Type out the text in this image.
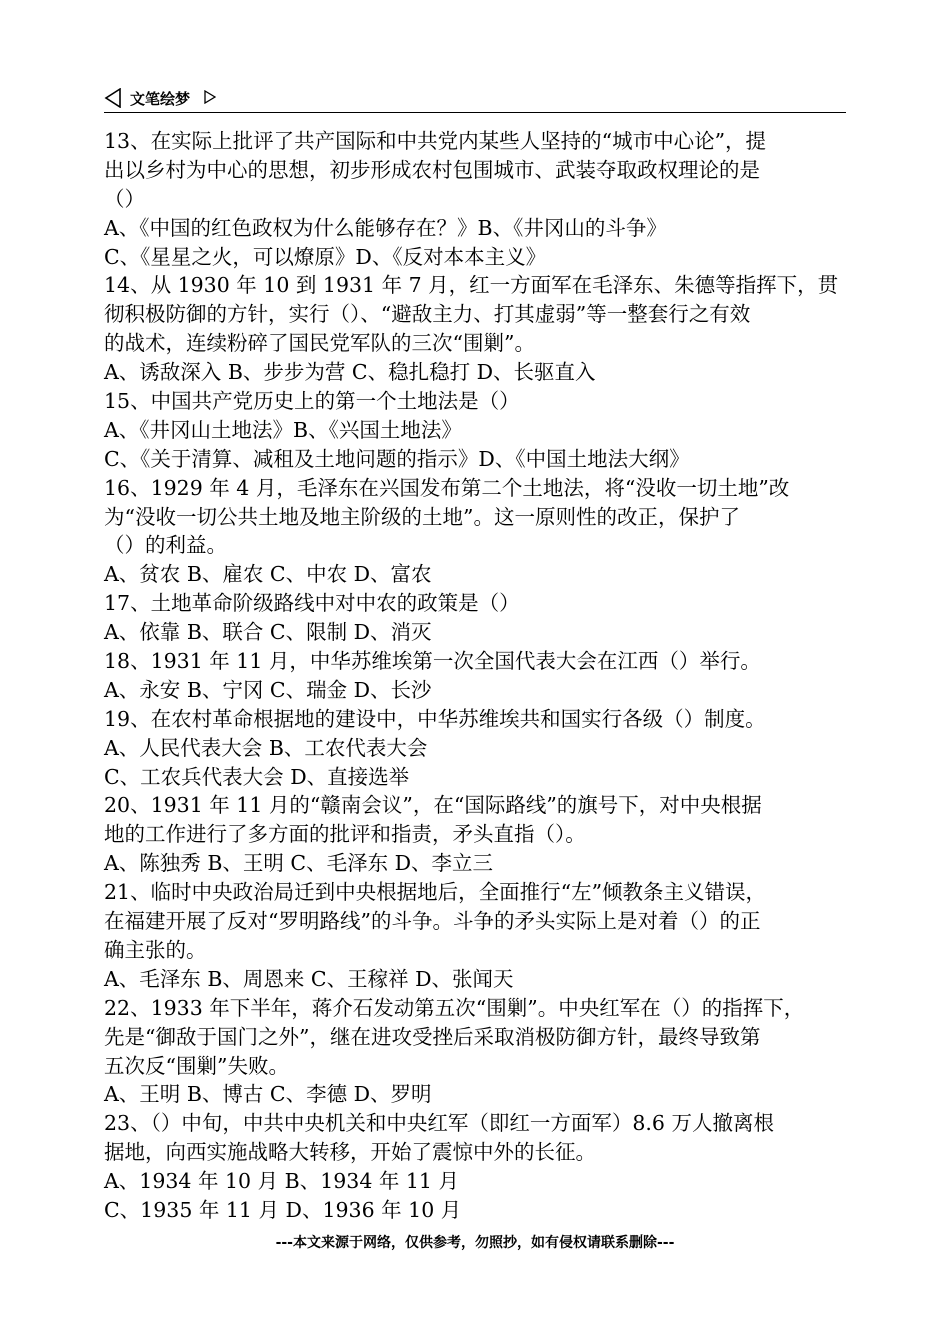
文笔绘梦
13、在实际上批评了共产国际和中共党内某些人坚持的“城市中心论”，提
出以乡村为中心的思想，初步形成农村包围城市、武装夺取政权理论的是
（）
A、《中国的红色政权为什么能够存在？》B、《井冈山的斗争》
C、《星星之火，可以燎原》D、《反对本本主义》
14、从 1930 年 10 到 1931 年 7 月，红一方面军在毛泽东、朱德等指挥下，贯
彻积极防御的方针，实行（）、“避敌主力、打其虚弱”等一整套行之有效
的战术，连续粉碎了国民党军队的三次“围剿”。
A、诱敌深入 B、步步为营 C、稳扎稳打 D、长驱直入
15、中国共产党历史上的第一个土地法是（）
A、《井冈山土地法》B、《兴国土地法》
C、《关于清算、减租及土地问题的指示》D、《中国土地法大纲》
16、1929 年 4 月，毛泽东在兴国发布第二个土地法，将“没收一切土地”改
为“没收一切公共土地及地主阶级的土地”。这一原则性的改正，保护了
（）的利益。
A、贫农 B、雇农 C、中农 D、富农
17、土地革命阶级路线中对中农的政策是（）
A、依靠 B、联合 C、限制 D、消灭
18、1931 年 11 月，中华苏维埃第一次全国代表大会在江西（）举行。
A、永安 B、宁冈 C、瑞金 D、长沙
19、在农村革命根据地的建设中，中华苏维埃共和国实行各级（）制度。
A、人民代表大会 B、工农代表大会
C、工农兵代表大会 D、直接选举
20、1931 年 11 月的“赣南会议”，在“国际路线”的旗号下，对中央根据
地的工作进行了多方面的批评和指责，矛头直指（）。
A、陈独秀 B、王明 C、毛泽东 D、李立三
21、临时中央政治局迁到中央根据地后，全面推行“左”倾教条主义错误，
在福建开展了反对“罗明路线”的斗争。斗争的矛头实际上是对着（）的正
确主张的。
A、毛泽东 B、周恩来 C、王稼祥 D、张闻天
22、1933 年下半年，蒋介石发动第五次“围剿”。中央红军在（）的指挥下，
先是“御敌于国门之外”，继在进攻受挫后采取消极防御方针，最终导致第
五次反“围剿”失败。
A、王明 B、博古 C、李德 D、罗明
23、（）中旬，中共中央机关和中央红军（即红一方面军）8.6 万人撤离根
据地，向西实施战略大转移，开始了震惊中外的长征。
A、1934 年 10 月 B、1934 年 11 月
C、1935 年 11 月 D、1936 年 10 月
---本文来源于网络，仅供参考，勿照抄，如有侵权请联系删除---
